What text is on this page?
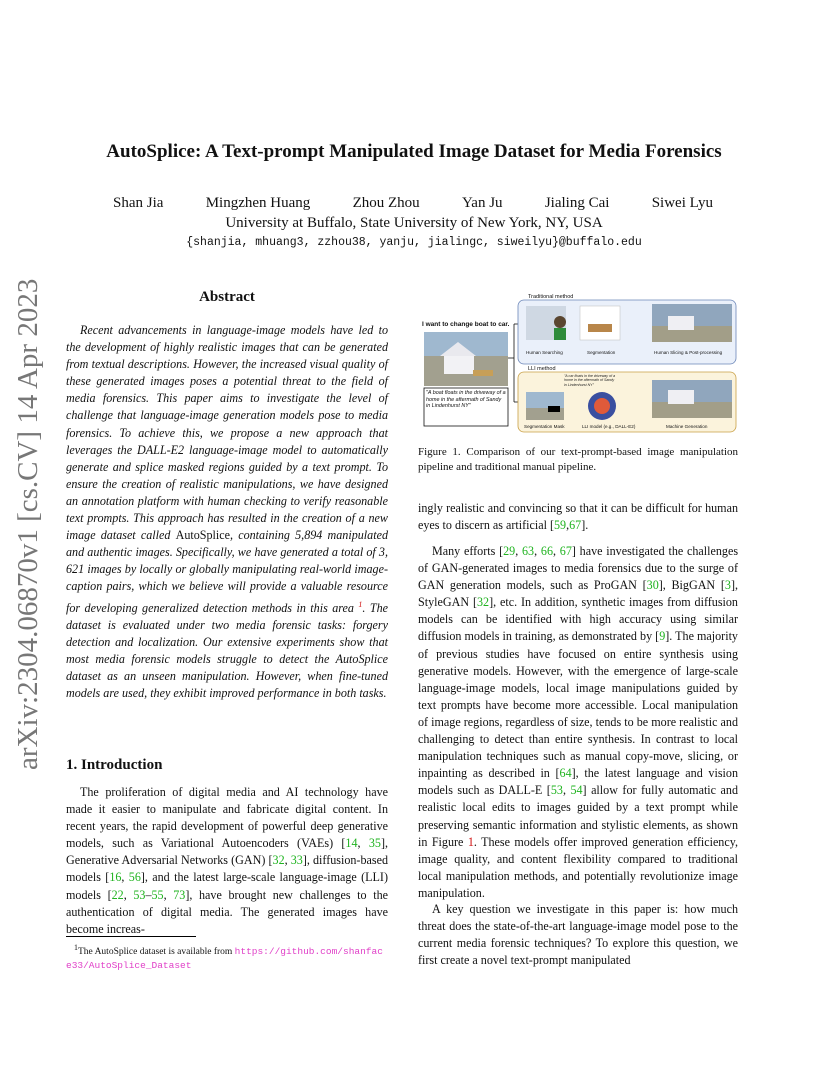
arXiv:2304.06870v1 [cs.CV] 14 Apr 2023
AutoSplice: A Text-prompt Manipulated Image Dataset for Media Forensics
Shan Jia	Mingzhen Huang	Zhou Zhou	Yan Ju	Jialing Cai	Siwei Lyu
University at Buffalo, State University of New York, NY, USA
{shanjia, mhuang3, zzhou38, yanju, jialingc, siweilyu}@buffalo.edu
Abstract

Recent advancements in language-image models have led to the development of highly realistic images that can be generated from textual descriptions. However, the increased visual quality of these generated images poses a potential threat to the field of media forensics. This paper aims to investigate the level of challenge that language-image generation models pose to media forensics. To achieve this, we propose a new approach that leverages the DALL-E2 language-image model to automatically generate and splice masked regions guided by a text prompt. To ensure the creation of realistic manipulations, we have designed an annotation platform with human checking to verify reasonable text prompts. This approach has resulted in the creation of a new image dataset called AutoSplice, containing 5,894 manipulated and authentic images. Specifically, we have generated a total of 3, 621 images by locally or globally manipulating real-world image-caption pairs, which we believe will provide a valuable resource for developing generalized detection methods in this area $^1$. The dataset is evaluated under two media forensic tasks: forgery detection and localization. Our extensive experiments show that most media forensic models struggle to detect the AutoSplice dataset as an unseen manipulation. However, when fine-tuned models are used, they exhibit improved performance in both tasks.

1. Introduction

The proliferation of digital media and AI technology have made it easier to manipulate and fabricate digital content. In recent years, the rapid development of powerful deep generative models, such as Variational Autoencoders (VAEs) [14, 35], Generative Adversarial Networks (GAN) [32, 33], diffusion-based models [16, 56], and the latest large-scale language-image (LLI) models [22, 53–55, 73], have brought new challenges to the authentication of digital media. The generated images have become increas-

$^1$The AutoSplice dataset is available from https://github.com/shanface33/AutoSplice_Dataset
I want to change boat to car.
"A boat floats in the driveway of a home in the aftermath of Sandy in Lindenhurst NY"
Traditional method
Human Searching	Segmentation	Human Slicing & Post-processing
LLI method
"A car floats in the driveway of a home in the aftermath of Sandy in Lindenhurst NY"
Segmentation Mask	LLI model (e.g., DALL-E2)	Machine Generation
Figure 1. Comparison of our text-prompt-based image manipulation pipeline and traditional manual pipeline.

ingly realistic and convincing so that it can be difficult for human eyes to discern as artificial [59,67].

Many efforts [29, 63, 66, 67] have investigated the challenges of GAN-generated images to media forensics due to the surge of GAN generation models, such as ProGAN [30], BigGAN [3], StyleGAN [32], etc. In addition, synthetic images from diffusion models can be identified with high accuracy using similar diffusion models in training, as demonstrated by [9]. The majority of previous studies have focused on entire synthesis using generative models. However, with the emergence of large-scale language-image models, local image manipulations guided by text prompts have become more accessible. Local manipulation of image regions, regardless of size, tends to be more realistic and challenging to detect than entire synthesis. In contrast to local manipulation techniques such as manual copy-move, slicing, or inpainting as described in [64], the latest language and vision models such as DALL-E [53, 54] allow for fully automatic and realistic local edits to images guided by a text prompt while preserving semantic information and stylistic elements, as shown in Figure 1. These models offer improved generation efficiency, image quality, and content flexibility compared to traditional local manipulation methods, and potentially revolutionize image manipulation.

A key question we investigate in this paper is: how much threat does the state-of-the-art language-image model pose to the current media forensic techniques? To explore this question, we first create a novel text-prompt manipulated
